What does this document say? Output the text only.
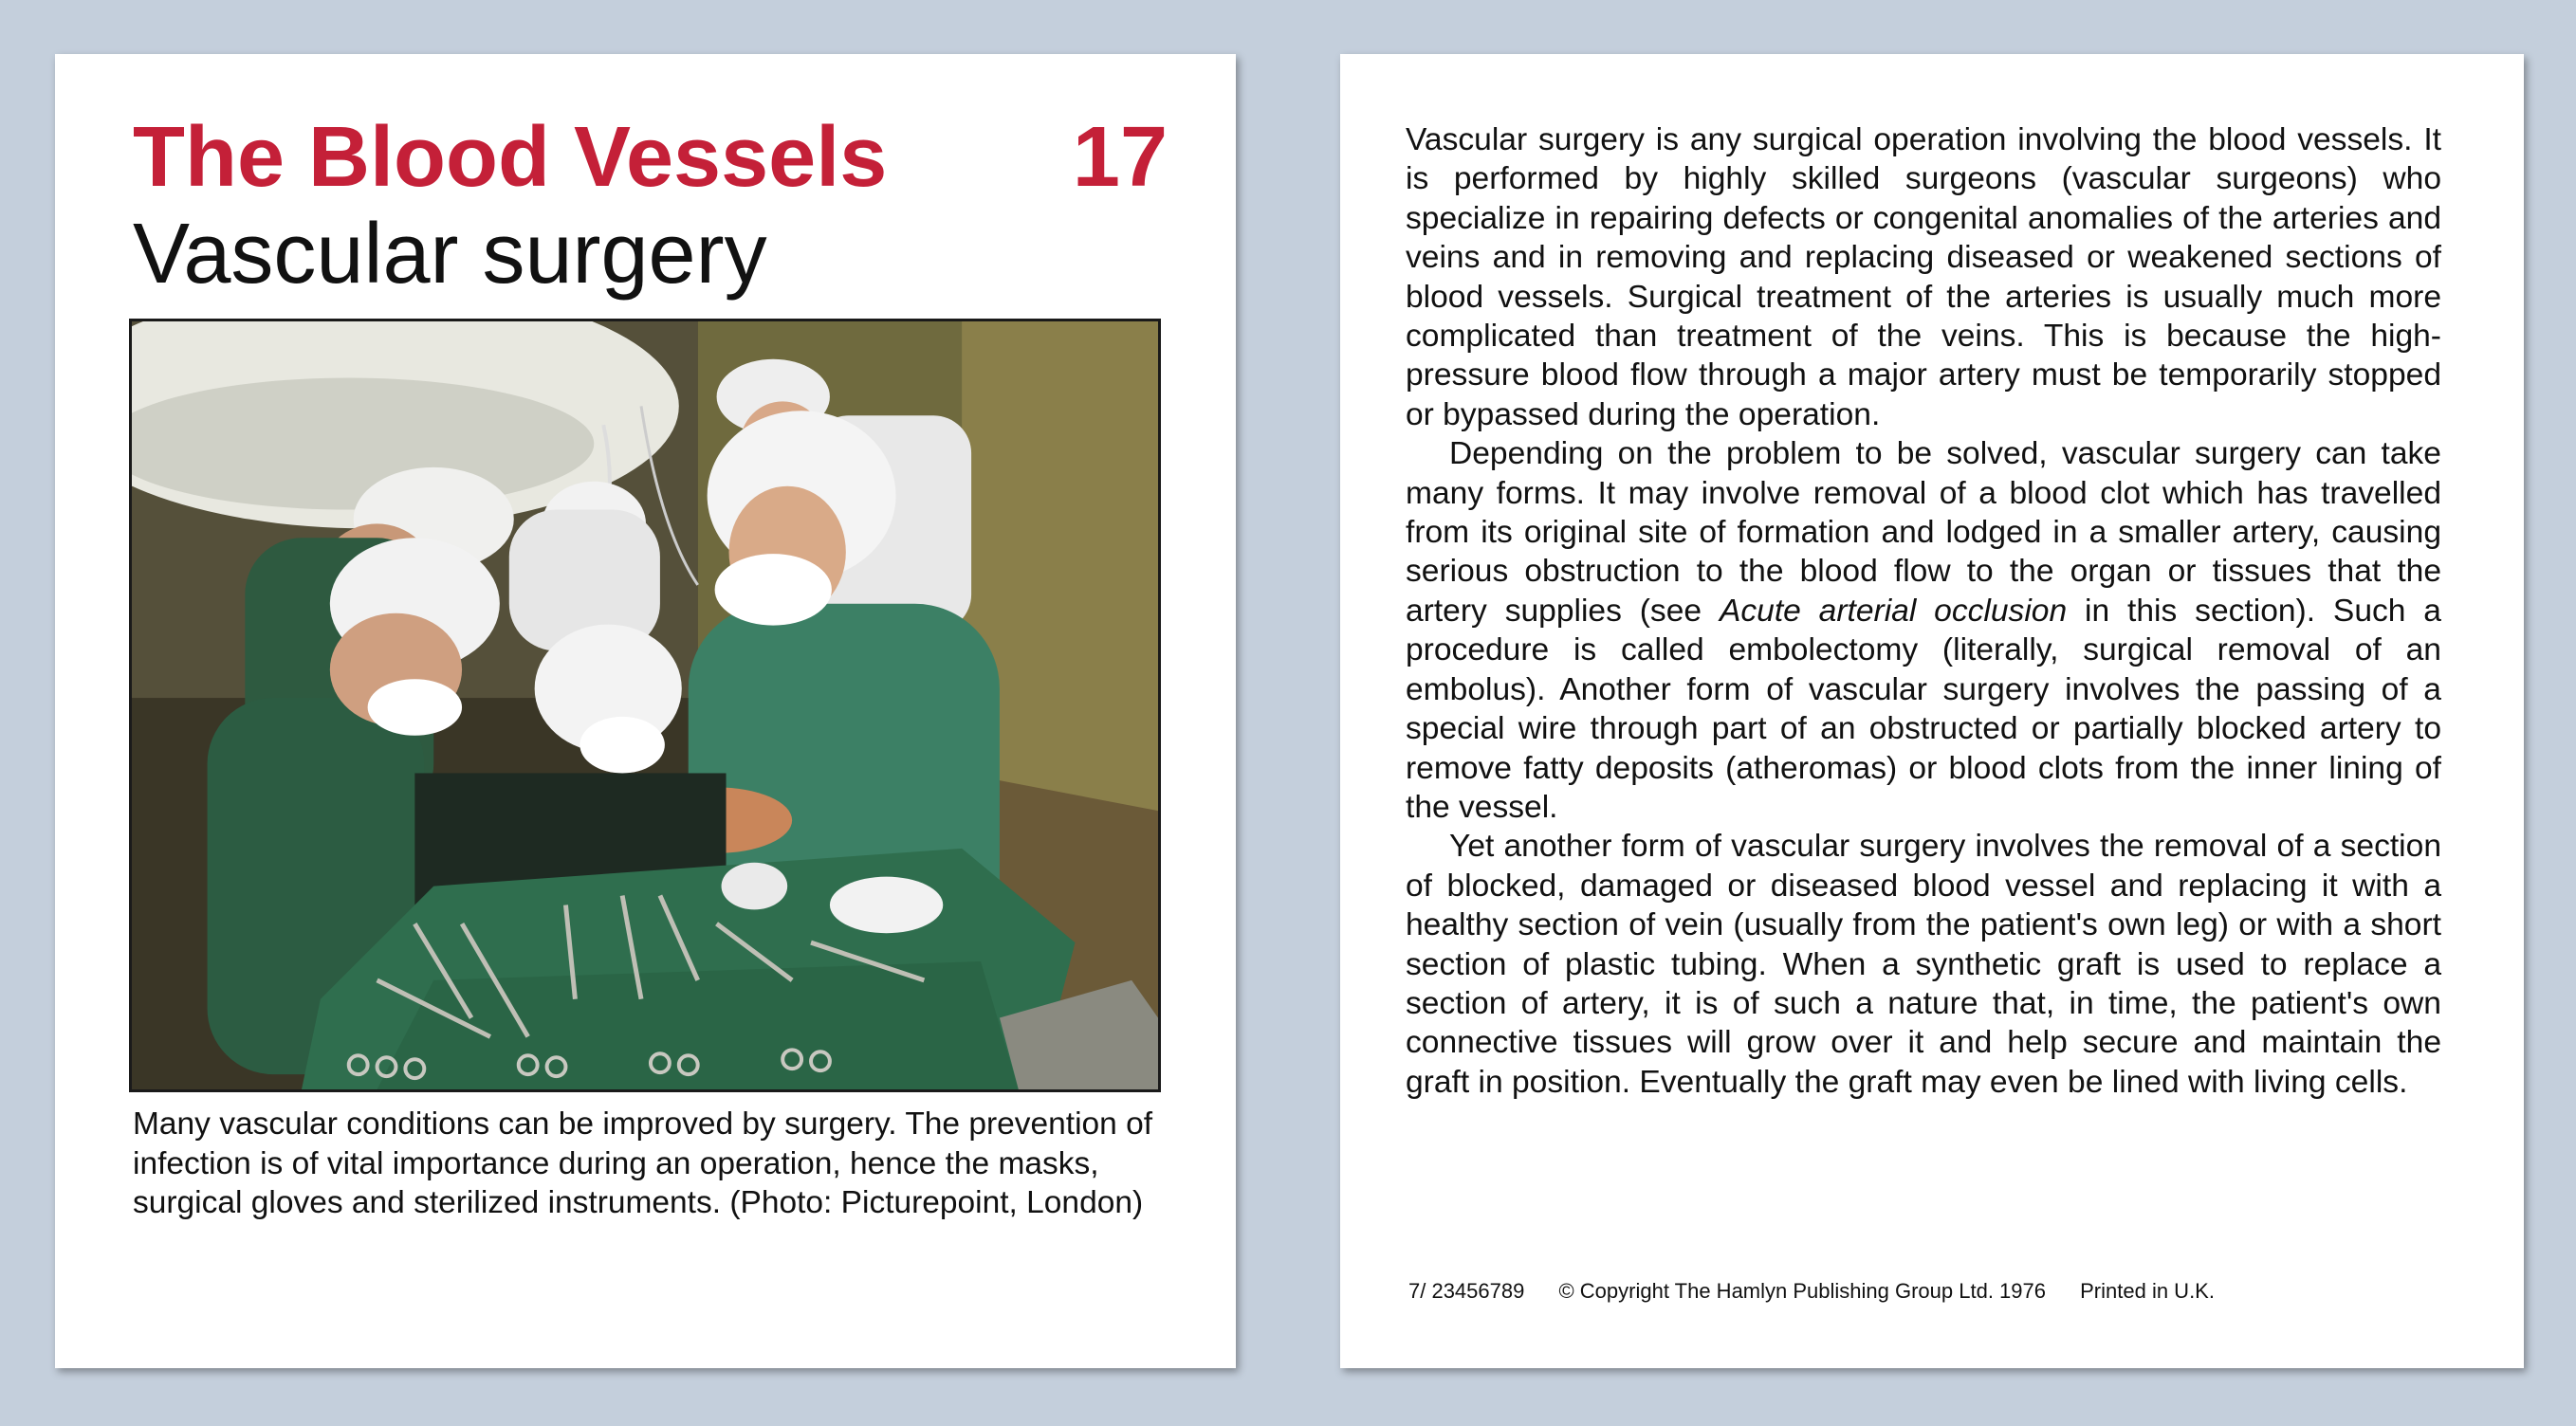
The Blood Vessels 17
Vascular surgery
Many vascular conditions can be improved by surgery. The prevention of infection is of vital importance during an operation, hence the masks, surgical gloves and sterilized instruments. (Photo: Picturepoint, London)

Vascular surgery is any surgical operation involving the blood vessels. It is performed by highly skilled surgeons (vascular surgeons) who specialize in repairing defects or congenital anomalies of the arteries and veins and in removing and replacing diseased or weakened sections of blood vessels. Surgical treatment of the arteries is usually much more complicated than treatment of the veins. This is because the high-pressure blood flow through a major artery must be temporarily stopped or bypassed during the operation.

Depending on the problem to be solved, vascular surgery can take many forms. It may involve removal of a blood clot which has travelled from its original site of formation and lodged in a smaller artery, causing serious obstruction to the blood flow to the organ or tissues that the artery supplies (see Acute arterial occlusion in this section). Such a procedure is called embolectomy (literally, surgical removal of an embolus). Another form of vascular surgery involves the passing of a special wire through part of an obstructed or partially blocked artery to remove fatty deposits (atheromas) or blood clots from the inner lining of the vessel.

Yet another form of vascular surgery involves the removal of a section of blocked, damaged or diseased blood vessel and replacing it with a healthy section of vein (usually from the patient's own leg) or with a short section of plastic tubing. When a synthetic graft is used to replace a section of artery, it is of such a nature that, in time, the patient's own connective tissues will grow over it and help secure and maintain the graft in position. Eventually the graft may even be lined with living cells.

7/ 23456789 © Copyright The Hamlyn Publishing Group Ltd. 1976 Printed in U.K.
